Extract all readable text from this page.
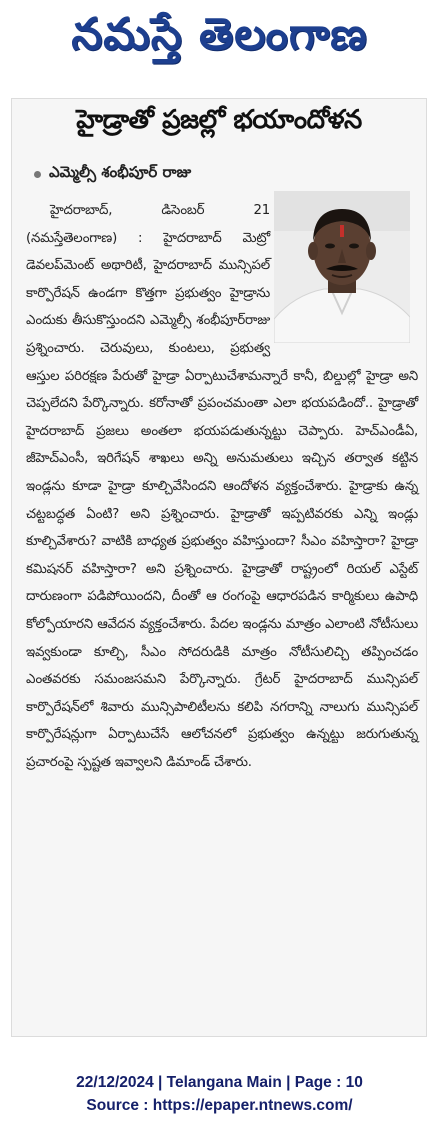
నమస్తే తెలంగాణ
హైడ్రాతో ప్రజల్లో భయాందోళన
ఎమ్మెల్సీ శంభీపూర్ రాజు
హైదరాబాద్, డిసెంబర్ 21 (నమస్తేతెలంగాణ) : హైదరాబాద్ మెట్రో డెవలప్‌మెంట్ అథారిటీ, హైదరాబాద్ మున్సిపల్ కార్పొరేషన్ ఉండగా కొత్తగా ప్రభుత్వం హైడ్రాను ఎందుకు తీసుకొస్తుందని ఎమ్మెల్సీ శంభీపూర్‌రాజు ప్రశ్నించారు. చెరువులు, కుంటలు, ప్రభుత్వ ఆస్తుల పరిరక్షణ పేరుతో హైడ్రా ఏర్పాటుచేశామన్నారే కానీ, బిల్డుల్లో హైడ్రా అని చెప్పలేదని పేర్కొన్నారు. కరోనాతో ప్రపంచమంతా ఎలా భయపడిందో.. హైడ్రాతో హైదరాబాద్ ప్రజలు అంతలా భయపడుతున్నట్టు చెప్పారు. హెచ్‌ఎండీఏ, జీహెచ్‌ఎంసీ, ఇరిగేషన్ శాఖలు అన్ని అనుమతులు ఇచ్చిన తర్వాత కట్టిన ఇండ్లను కూడా హైడ్రా కూల్చివేసిందని ఆందోళన వ్యక్తంచేశారు. హైడ్రాకు ఉన్న చట్టబద్ధత ఏంటి? అని ప్రశ్నించారు. హైడ్రాతో ఇప్పటివరకు ఎన్ని ఇండ్లు కూల్చివేశారు? వాటికి బాధ్యత ప్రభుత్వం వహిస్తుందా? సీఎం వహిస్తారా? హైడ్రా కమిషనర్ వహిస్తారా? అని ప్రశ్నించారు. హైడ్రాతో రాష్ట్రంలో రియల్ ఎస్టేట్ దారుణంగా పడిపోయిందని, దీంతో ఆ రంగంపై ఆధారపడిన కార్మికులు ఉపాధి కోల్పోయారని ఆవేదన వ్యక్తంచేశారు. పేదల ఇండ్లను మాత్రం ఎలాంటి నోటీసులు ఇవ్వకుండా కూల్చి, సీఎం సోదరుడికి మాత్రం నోటీసులిచ్చి తప్పించడం ఎంతవరకు సమంజసమని పేర్కొన్నారు. గ్రేటర్ హైదరాబాద్ మున్సిపల్ కార్పొరేషన్‌లో శివారు మున్సిపాలిటీలను కలిపి నగరాన్ని నాలుగు మున్సిపల్ కార్పొరేషన్లుగా ఏర్పాటుచేసే ఆలోచనలో ప్రభుత్వం ఉన్నట్టు జరుగుతున్న ప్రచారంపై స్పష్టత ఇవ్వాలని డిమాండ్ చేశారు.
22/12/2024 | Telangana Main | Page : 10
Source : https://epaper.ntnews.com/
